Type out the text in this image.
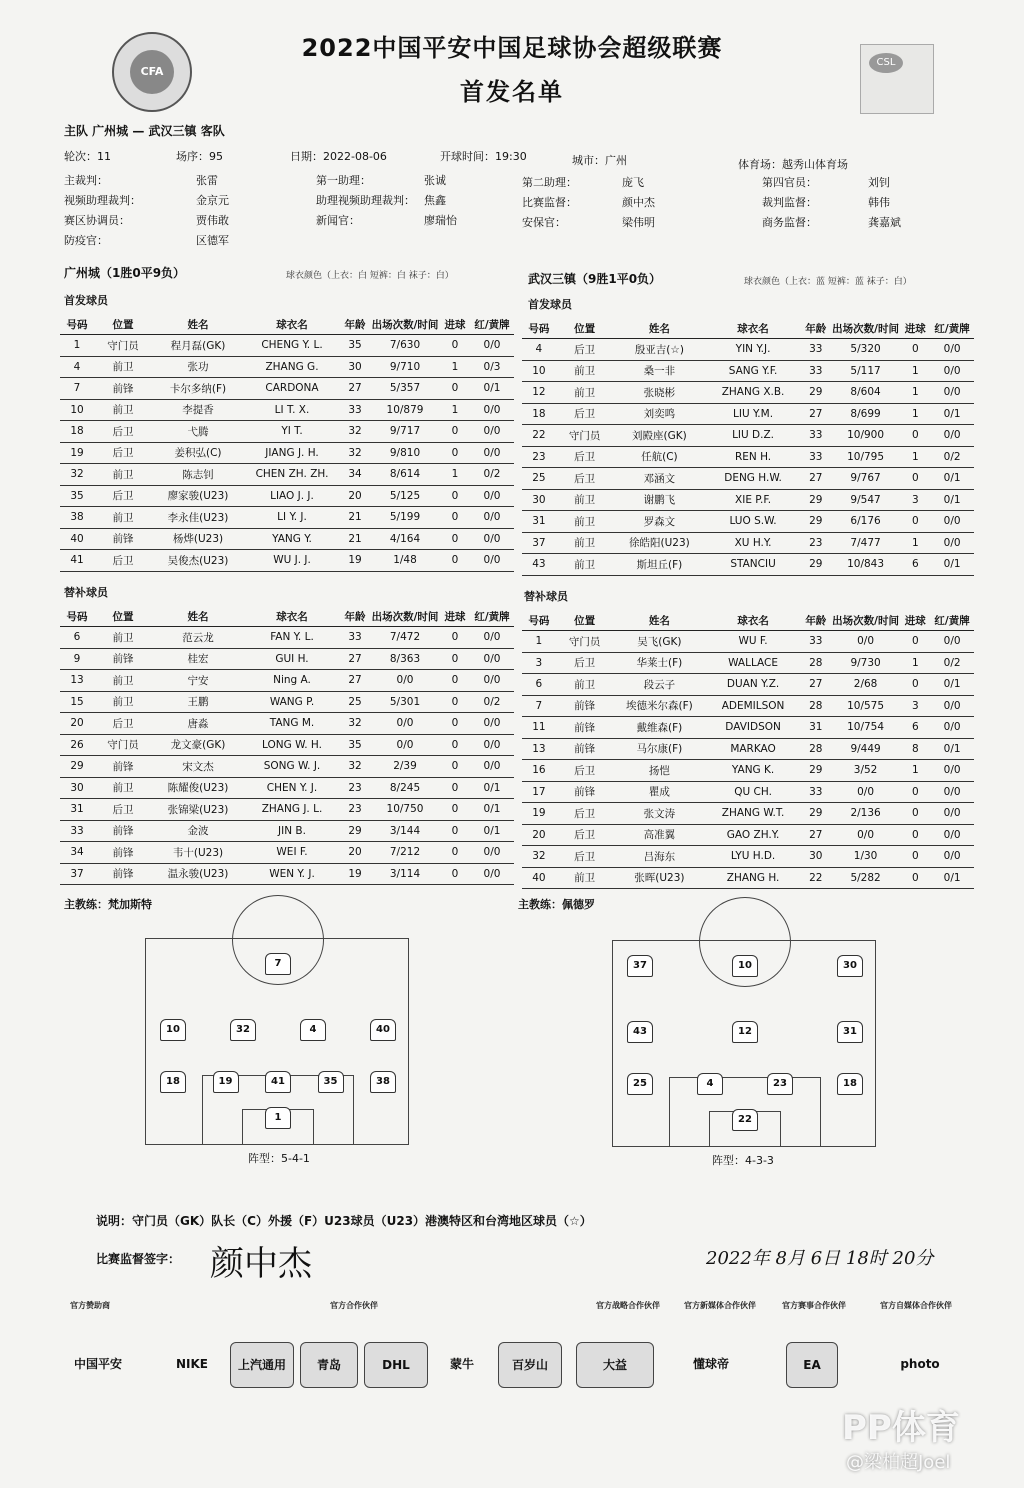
CFA
CSL
2022中国平安中国足球协会超级联赛
首发名单
主队 广州城 — 武汉三镇 客队
轮次：11	场序：95	日期：2022-08-06	开球时间：19:30	城市：广州	体育场：越秀山体育场
主裁判：	张雷	第一助理：	张诚	第二助理：	庞飞	第四官员：	刘钊
视频助理裁判：	金京元	助理视频助理裁判： 焦鑫	比赛监督：	颜中杰	裁判监督：	韩伟
赛区协调员：	贾伟敢	新闻官：	廖瑞怡	安保官：	梁伟明	商务监督：	龚嘉斌
防疫官：	区德军
广州城（1胜0平9负）	球衣颜色（上衣：白 短裤：白 袜子：白）	武汉三镇（9胜1平0负）	球衣颜色（上衣：蓝 短裤：蓝 袜子：白）
首发球员	首发球员
号码	位置	姓名	球衣名	年龄	出场次数/时间	进球	红/黄牌
1	守门员	程月磊(GK)	CHENG Y. L.	35	7/630	0	0/0
4	前卫	张功	ZHANG G.	30	9/710	1	0/3
7	前锋	卡尔多纳(F)	CARDONA	27	5/357	0	0/1
10	前卫	李提香	LI T. X.	33	10/879	1	0/0
18	后卫	弋腾	YI T.	32	9/717	0	0/0
19	后卫	姜积弘(C)	JIANG J. H.	32	9/810	0	0/0
32	前卫	陈志钊	CHEN ZH. ZH.	34	8/614	1	0/2
35	后卫	廖家骏(U23)	LIAO J. J.	20	5/125	0	0/0
38	前卫	李永佳(U23)	LI Y. J.	21	5/199	0	0/0
40	前锋	杨烨(U23)	YANG Y.	21	4/164	0	0/0
41	后卫	吴俊杰(U23)	WU J. J.	19	1/48	0	0/0
号码	位置	姓名	球衣名	年龄	出场次数/时间	进球	红/黄牌
4	后卫	殷亚吉(☆)	YIN Y.J.	33	5/320	0	0/0
10	前卫	桑一非	SANG Y.F.	33	5/117	1	0/0
12	前卫	张晓彬	ZHANG X.B.	29	8/604	1	0/0
18	后卫	刘奕鸣	LIU Y.M.	27	8/699	1	0/1
22	守门员	刘殿座(GK)	LIU D.Z.	33	10/900	0	0/0
23	后卫	任航(C)	REN H.	33	10/795	1	0/2
25	后卫	邓涵文	DENG H.W.	27	9/767	0	0/1
30	前卫	谢鹏飞	XIE P.F.	29	9/547	3	0/1
31	前卫	罗森文	LUO S.W.	29	6/176	0	0/0
37	前卫	徐皓阳(U23)	XU H.Y.	23	7/477	1	0/0
43	前卫	斯坦丘(F)	STANCIU	29	10/843	6	0/1
替补球员	替补球员
号码	位置	姓名	球衣名	年龄	出场次数/时间	进球	红/黄牌
6	前卫	范云龙	FAN Y. L.	33	7/472	0	0/0
9	前锋	桂宏	GUI H.	27	8/363	0	0/0
13	前卫	宁安	Ning A.	27	0/0	0	0/0
15	前卫	王鹏	WANG P.	25	5/301	0	0/2
20	后卫	唐淼	TANG M.	32	0/0	0	0/0
26	守门员	龙文豪(GK)	LONG W. H.	35	0/0	0	0/0
29	前锋	宋文杰	SONG W. J.	32	2/39	0	0/0
30	前卫	陈耀俊(U23)	CHEN Y. J.	23	8/245	0	0/1
31	后卫	张锦梁(U23)	ZHANG J. L.	23	10/750	0	0/1
33	前锋	金波	JIN B.	29	3/144	0	0/1
34	前锋	韦十(U23)	WEI F.	20	7/212	0	0/0
37	前锋	温永骏(U23)	WEN Y. J.	19	3/114	0	0/0
号码	位置	姓名	球衣名	年龄	出场次数/时间	进球	红/黄牌
1	守门员	吴飞(GK)	WU F.	33	0/0	0	0/0
3	后卫	华莱士(F)	WALLACE	28	9/730	1	0/2
6	前卫	段云子	DUAN Y.Z.	27	2/68	0	0/1
7	前锋	埃德米尔森(F)	ADEMILSON	28	10/575	3	0/0
11	前锋	戴维森(F)	DAVIDSON	31	10/754	6	0/0
13	前锋	马尔康(F)	MARKAO	28	9/449	8	0/1
16	后卫	扬恺	YANG K.	29	3/52	1	0/0
17	前锋	瞿成	QU CH.	33	0/0	0	0/0
19	后卫	张文涛	ZHANG W.T.	29	2/136	0	0/0
20	后卫	高准翼	GAO ZH.Y.	27	0/0	0	0/0
32	后卫	吕海东	LYU H.D.	30	1/30	0	0/0
40	前卫	张晖(U23)	ZHANG H.	22	5/282	0	0/1
主教练：梵加斯特	主教练：佩德罗
7
10	32	4	40
18	19	41	35	38
1
阵型：5-4-1
37	10	30
43	12	31
25	4	23	18
22
阵型：4-3-3
说明：守门员（GK）队长（C）外援（F）U23球员（U23）港澳特区和台湾地区球员（☆）
比赛监督签字： 颜中杰	2022年 8月 6日 18时 20分
官方赞助商	官方合作伙伴	官方战略合作伙伴	官方新媒体合作伙伴	官方赛事合作伙伴	官方自媒体合作伙伴
中国平安	NIKE	上汽通用	青岛	DHL	蒙牛	百岁山	大益	懂球帝	EA	photo
PP体育
@梁柏超Joel
